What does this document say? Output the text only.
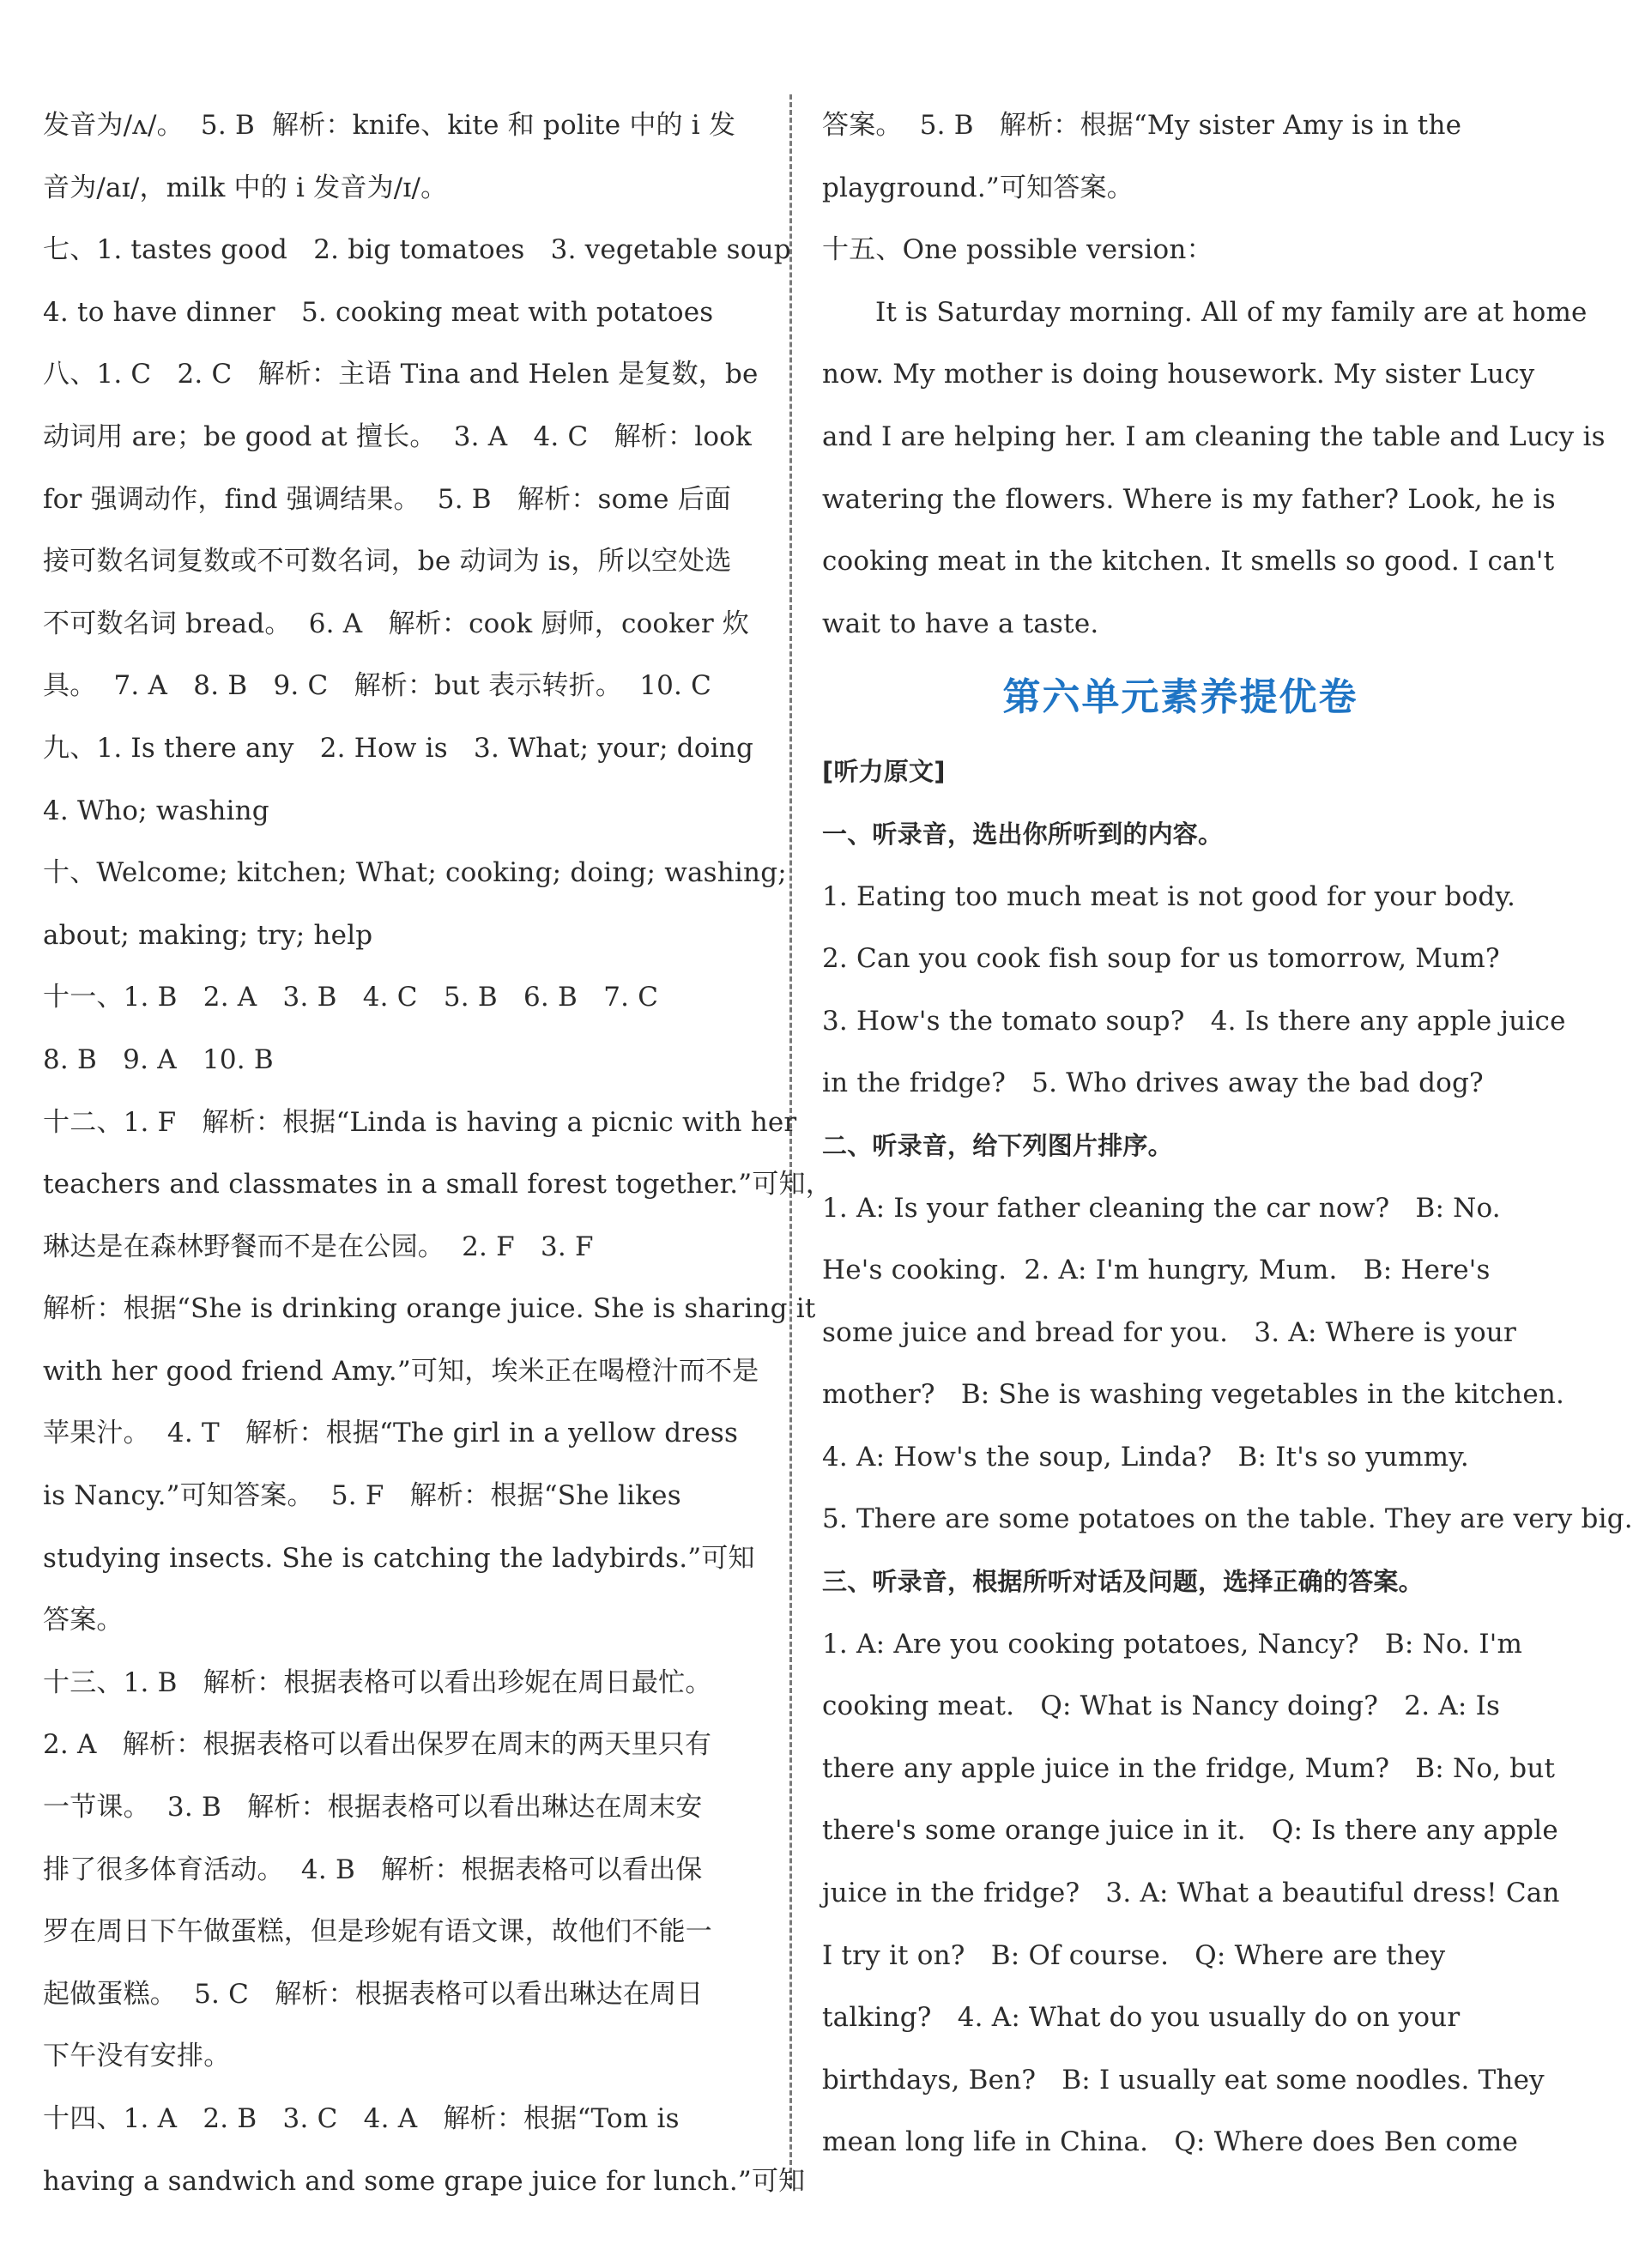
发音为/ʌ/。  5. B  解析：knife、kite 和 polite 中的 i 发
音为/aɪ/，milk 中的 i 发音为/ɪ/。
七、1. tastes good   2. big tomatoes   3. vegetable soup
4. to have dinner   5. cooking meat with potatoes
八、1. C   2. C   解析：主语 Tina and Helen 是复数，be
动词用 are；be good at 擅长。  3. A   4. C   解析：look
for 强调动作，find 强调结果。  5. B   解析：some 后面
接可数名词复数或不可数名词，be 动词为 is，所以空处选
不可数名词 bread。  6. A   解析：cook 厨师，cooker 炊
具。  7. A   8. B   9. C   解析：but 表示转折。  10. C
九、1. Is there any   2. How is   3. What; your; doing
4. Who; washing
十、Welcome; kitchen; What; cooking; doing; washing;
about; making; try; help
十一、1. B   2. A   3. B   4. C   5. B   6. B   7. C
8. B   9. A   10. B
十二、1. F   解析：根据“Linda is having a picnic with her
teachers and classmates in a small forest together.”可知，
琳达是在森林野餐而不是在公园。  2. F   3. F
解析：根据“She is drinking orange juice. She is sharing it
with her good friend Amy.”可知，埃米正在喝橙汁而不是
苹果汁。  4. T   解析：根据“The girl in a yellow dress
is Nancy.”可知答案。  5. F   解析：根据“She likes
studying insects. She is catching the ladybirds.”可知
答案。
十三、1. B   解析：根据表格可以看出珍妮在周日最忙。
2. A   解析：根据表格可以看出保罗在周末的两天里只有
一节课。  3. B   解析：根据表格可以看出琳达在周末安
排了很多体育活动。  4. B   解析：根据表格可以看出保
罗在周日下午做蛋糕，但是珍妮有语文课，故他们不能一
起做蛋糕。  5. C   解析：根据表格可以看出琳达在周日
下午没有安排。
十四、1. A   2. B   3. C   4. A   解析：根据“Tom is
having a sandwich and some grape juice for lunch.”可知
答案。  5. B   解析：根据“My sister Amy is in the
playground.”可知答案。
十五、One possible version：
It is Saturday morning. All of my family are at home
now. My mother is doing housework. My sister Lucy
and I are helping her. I am cleaning the table and Lucy is
watering the flowers. Where is my father? Look, he is
cooking meat in the kitchen. It smells so good. I can't
wait to have a taste.
第六单元素养提优卷
[听力原文]
一、听录音，选出你所听到的内容。
1. Eating too much meat is not good for your body.
2. Can you cook fish soup for us tomorrow, Mum?
3. How's the tomato soup?   4. Is there any apple juice
in the fridge?   5. Who drives away the bad dog?
二、听录音，给下列图片排序。
1. A: Is your father cleaning the car now?   B: No.
He's cooking.  2. A: I'm hungry, Mum.   B: Here's
some juice and bread for you.   3. A: Where is your
mother?   B: She is washing vegetables in the kitchen.
4. A: How's the soup, Linda?   B: It's so yummy.
5. There are some potatoes on the table. They are very big.
三、听录音，根据所听对话及问题，选择正确的答案。
1. A: Are you cooking potatoes, Nancy?   B: No. I'm
cooking meat.   Q: What is Nancy doing?   2. A: Is
there any apple juice in the fridge, Mum?   B: No, but
there's some orange juice in it.   Q: Is there any apple
juice in the fridge?   3. A: What a beautiful dress! Can
I try it on?   B: Of course.   Q: Where are they
talking?   4. A: What do you usually do on your
birthdays, Ben?   B: I usually eat some noodles. They
mean long life in China.   Q: Where does Ben come
